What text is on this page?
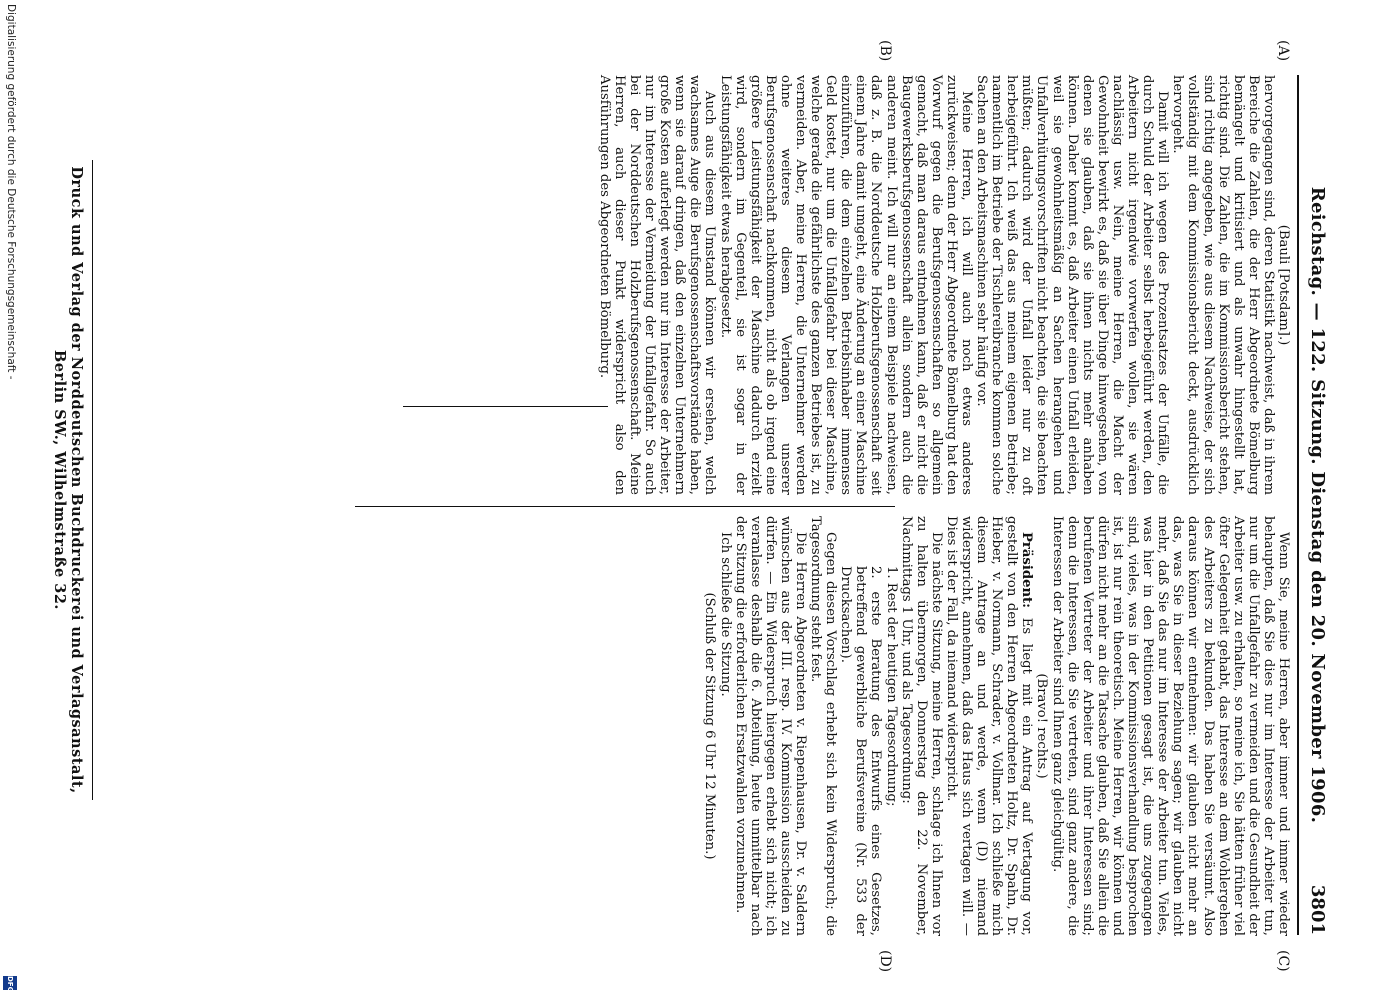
Reichstag. — 122. Sitzung. Dienstag den 20. November 1906.
3801
(A)
(B)
(C)
(D)

(Bauli [Potsdam].)

hervorgegangen sind, deren Statistik nachweist, daß in ihrem Bereiche die Zahlen, die der Herr Abgeordnete Bömelburg bemängelt und kritisiert und als unwahr hingestellt hat, richtig sind. Die Zahlen, die im Kommissionsbericht stehen, sind richtig angegeben, wie aus diesem Nachweise, der sich vollständig mit dem Kommissionsbericht deckt, ausdrücklich hervorgeht.

Damit will ich wegen des Prozentsatzes der Unfälle, die durch Schuld der Arbeiter selbst herbeigeführt werden, den Arbeitern nicht irgendwie vorwerfen wollen, sie wären nachlässig usw. Nein, meine Herren, die Macht der Gewohnheit bewirkt es, daß sie über Dinge hinwegsehen, von denen sie glauben, daß sie ihnen nichts mehr anhaben können. Daher kommt es, daß Arbeiter einen Unfall erleiden, weil sie gewohnheitsmäßig an Sachen herangehen und Unfallverhütungsvorschriften nicht beachten, die sie beachten müßten; dadurch wird der Unfall leider nur zu oft herbeigeführt. Ich weiß das aus meinem eigenen Betriebe; namentlich im Betriebe der Tischlereibranche kommen solche Sachen an den Arbeitsmaschinen sehr häufig vor.

Meine Herren, ich will auch noch etwas anderes zurückweisen; denn der Herr Abgeordnete Bömelburg hat den Vorwurf gegen die Berufsgenossenschaften so allgemein gemacht, daß man daraus entnehmen kann, daß er nicht die Baugewerksberufsgenossenschaft allein sondern auch die anderen meint. Ich will nur an einem Beispiele nachweisen, daß z. B. die Norddeutsche Holzberufsgenossenschaft seit einem Jahre damit umgeht, eine Änderung an einer Maschine einzuführen, die dem einzelnen Betriebsinhaber immenses Geld kostet, nur um die Unfallgefahr bei dieser Maschine, welche gerade die gefährlichste des ganzen Betriebes ist, zu vermeiden. Aber, meine Herren, die Unternehmer werden ohne weiteres diesem Verlangen unserer Berufsgenossenschaft nachkommen, nicht als ob irgend eine größere Leistungsfähigkeit der Maschine dadurch erzielt wird, sondern im Gegenteil, sie ist sogar in der Leistungsfähigkeit etwas herabgesetzt.

Auch aus diesem Umstand können wir ersehen, welch wachsames Auge die Berufsgenossenschaftsvorstände haben, wenn sie darauf dringen, daß den einzelnen Unternehmern große Kosten auferlegt werden nur im Interesse der Arbeiter, nur im Interesse der Vermeidung der Unfallgefahr. So auch bei der Norddeutschen Holzberufsgenossenschaft. Meine Herren, auch dieser Punkt widerspricht also den Ausführungen des Abgeordneten Bömelburg.

Wenn Sie, meine Herren, aber immer und immer wieder behaupten, daß Sie dies nur im Interesse der Arbeiter tun, nur um die Unfallgefahr zu vermeiden und die Gesundheit der Arbeiter usw. zu erhalten, so meine ich, Sie hätten früher viel öfter Gelegenheit gehabt, das Interesse an dem Wohlergehen des Arbeiters zu bekunden. Das haben Sie versäumt. Also daraus können wir entnehmen: wir glauben nicht mehr an das, was Sie in dieser Beziehung sagen; wir glauben nicht mehr, daß Sie das nur im Interesse der Arbeiter tun. Vieles, was hier in den Petitionen gesagt ist, die uns zugegangen sind, vieles, was in der Kommissionsverhandlung besprochen ist, ist nur rein theoretisch. Meine Herren, wir können und dürfen nicht mehr an die Tatsache glauben, daß Sie allein die berufenen Vertreter der Arbeiter und ihrer Interessen sind; denn die Interessen, die Sie vertreten, sind ganz andere, die Interessen der Arbeiter sind Ihnen ganz gleichgültig.

(Bravo! rechts.)

Präsident: Es liegt mit ein Antrag auf Vertagung vor, gestellt von den Herren Abgeordneten Holtz, Dr. Spahn, Dr. Hieber, v. Normann, Schrader, v. Vollmar. Ich schließe mich diesem Antrage an und werde, wenn (D) niemand widerspricht, annehmen, daß das Haus sich vertagen will. — Dies ist der Fall, da niemand widerspricht.

Die nächste Sitzung, meine Herren, schlage ich Ihnen vor zu halten übermorgen, Donnerstag den 22. November, Nachmittags 1 Uhr, und als Tagesordnung:

1. Rest der heutigen Tagesordnung;

2. erste Beratung des Entwurfs eines Gesetzes, betreffend gewerbliche Berufsvereine (Nr. 533 der Drucksachen).

Gegen diesen Vorschlag erhebt sich kein Widerspruch; die Tagesordnung steht fest.

Die Herren Abgeordneten v. Riepenhausen, Dr. v. Saldern wünschen aus der III. resp. IV. Kommission ausscheiden zu dürfen. — Ein Widerspruch hiergegen erhebt sich nicht; ich veranlasse deshalb die 6. Abteilung, heute unmittelbar nach der Sitzung die erforderlichen Ersatzwahlen vorzunehmen.

Ich schließe die Sitzung.

(Schluß der Sitzung 6 Uhr 12 Minuten.)

Druck und Verlag der Norddeutschen Buchdruckerei und Verlagsanstalt, Berlin SW., Wilhelmstraße 32.
Digitalisierung gefördert durch die Deutsche Forschungsgemeinschaft -
DFG
